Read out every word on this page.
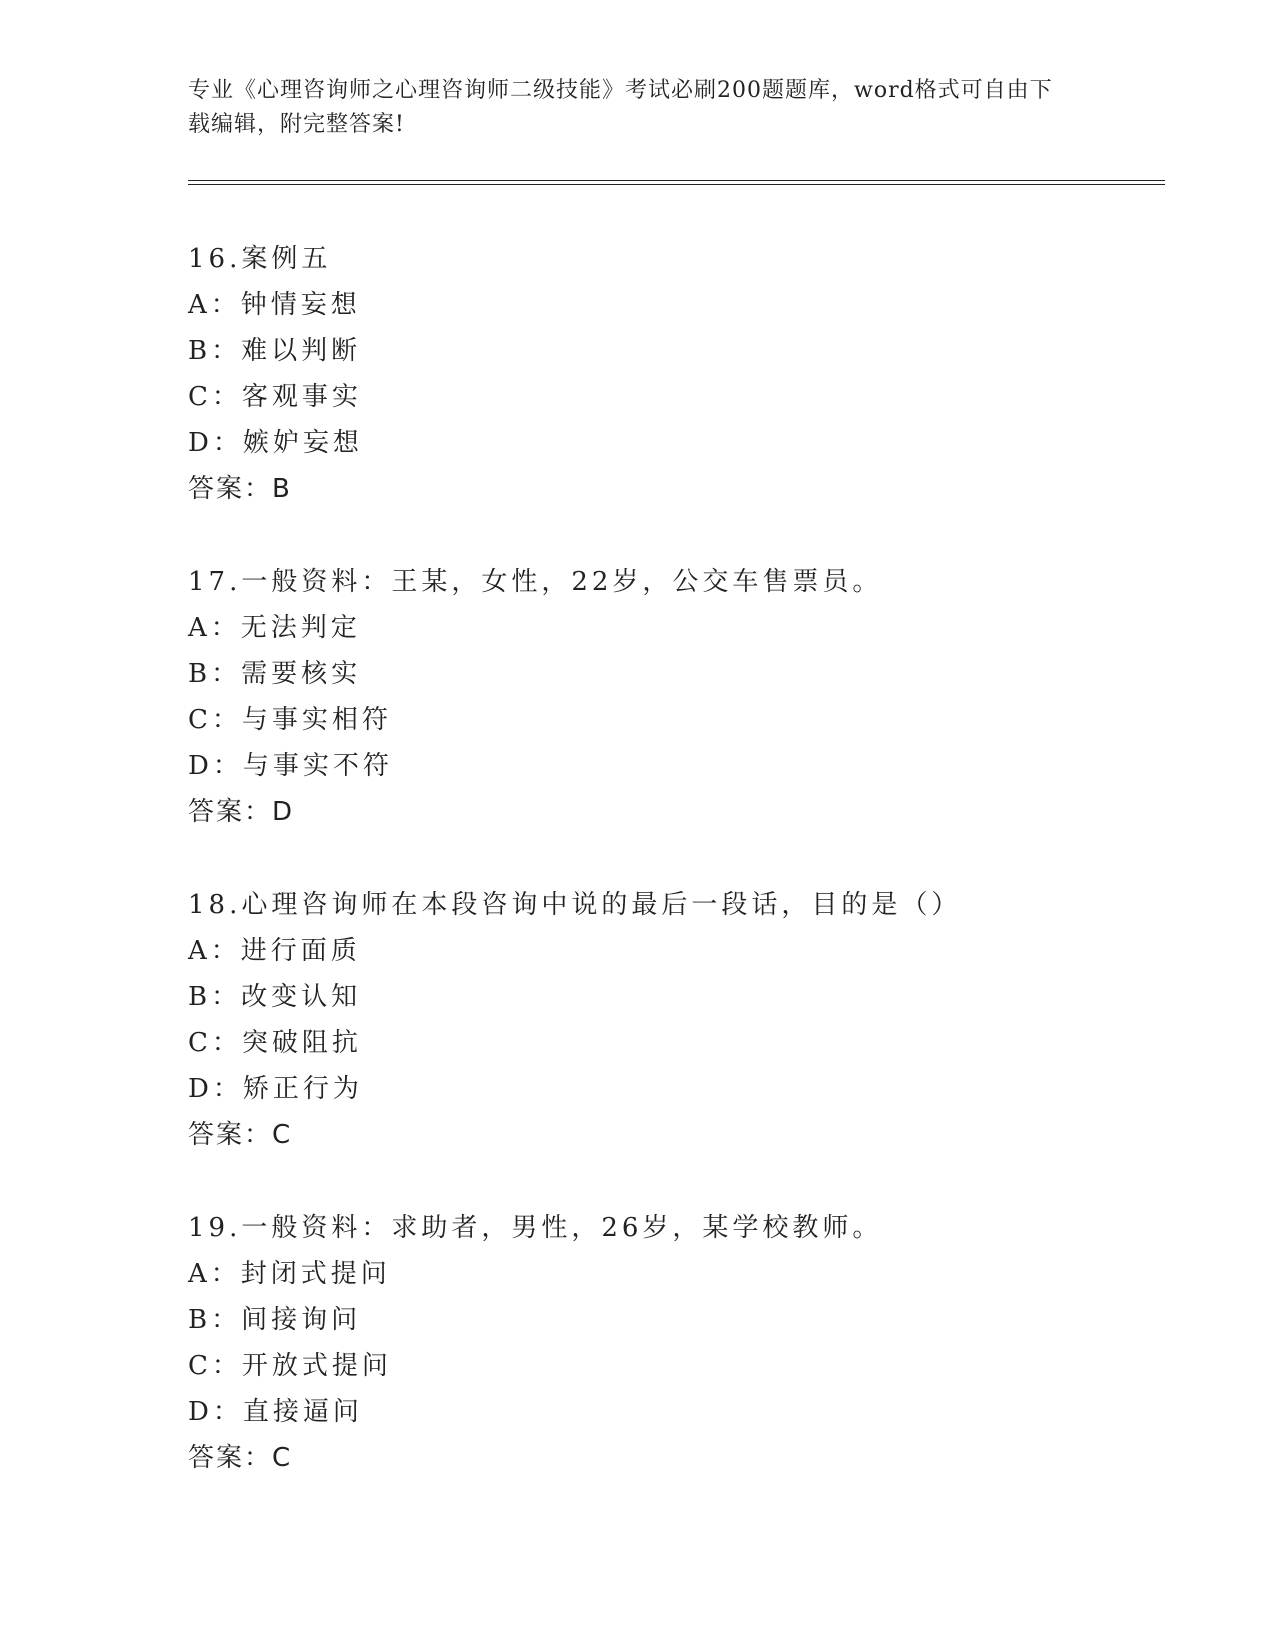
专业《心理咨询师之心理咨询师二级技能》考试必刷200题题库，word格式可自由下载编辑，附完整答案!
16.案例五
A：钟情妄想
B：难以判断
C：客观事实
D：嫉妒妄想
答案：B
17.一般资料：王某，女性，22岁，公交车售票员。
A：无法判定
B：需要核实
C：与事实相符
D：与事实不符
答案：D
18.心理咨询师在本段咨询中说的最后一段话，目的是（）
A：进行面质
B：改变认知
C：突破阻抗
D：矫正行为
答案：C
19.一般资料：求助者，男性，26岁，某学校教师。
A：封闭式提问
B：间接询问
C：开放式提问
D：直接逼问
答案：C
